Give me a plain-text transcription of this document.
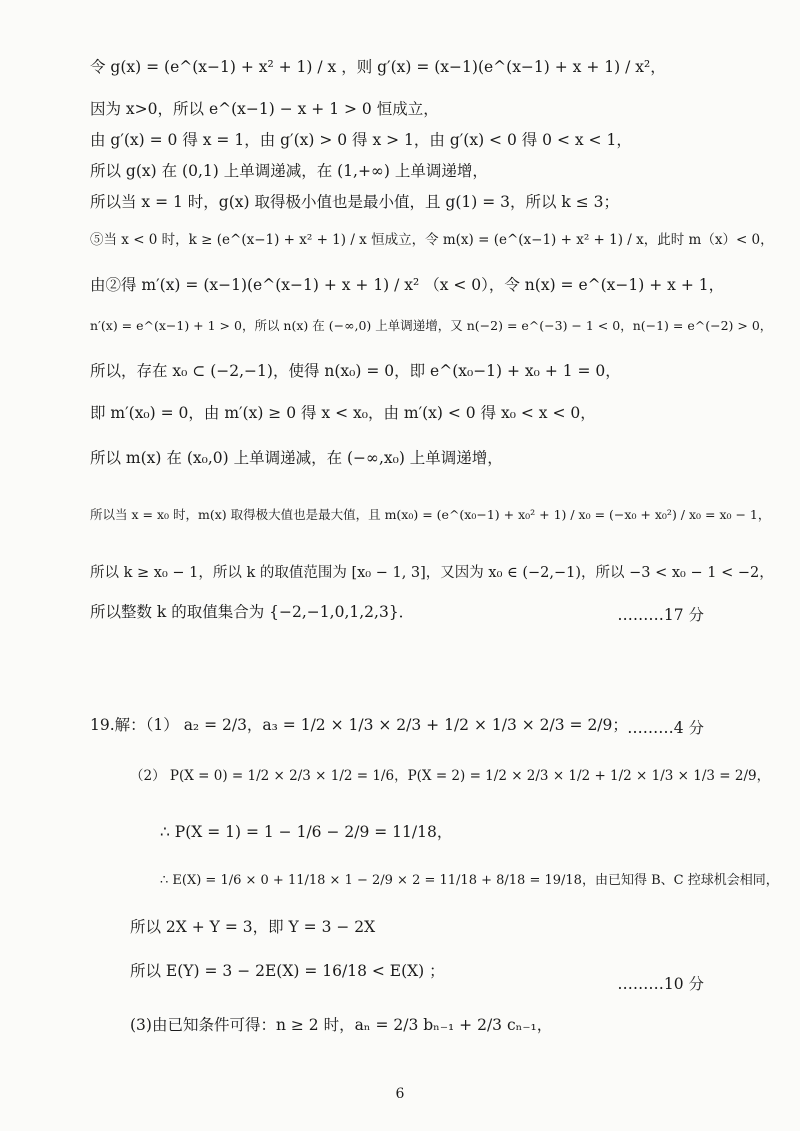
令 g(x) = (e^(x−1) + x² + 1) / x ，则 g′(x) = (x−1)(e^(x−1) + x + 1) / x²，
因为 x>0，所以 e^(x−1) − x + 1 > 0 恒成立，
由 g′(x) = 0 得 x = 1，由 g′(x) > 0 得 x > 1，由 g′(x) < 0 得 0 < x < 1，
所以 g(x) 在 (0,1) 上单调递减，在 (1,+∞) 上单调递增，
所以当 x = 1 时，g(x) 取得极小值也是最小值，且 g(1) = 3，所以 k ≤ 3；
⑤当 x < 0 时，k ≥ (e^(x−1) + x² + 1) / x 恒成立，令 m(x) = (e^(x−1) + x² + 1) / x，此时 m（x）< 0，
由②得 m′(x) = (x−1)(e^(x−1) + x + 1) / x² （x < 0），令 n(x) = e^(x−1) + x + 1，
n′(x) = e^(x−1) + 1 > 0，所以 n(x) 在 (−∞,0) 上单调递增，又 n(−2) = e^(−3) − 1 < 0，n(−1) = e^(−2) > 0，
所以，存在 x₀ ⊂ (−2,−1)，使得 n(x₀) = 0，即 e^(x₀−1) + x₀ + 1 = 0，
即 m′(x₀) = 0，由 m′(x) ≥ 0 得 x < x₀，由 m′(x) < 0 得 x₀ < x < 0，
所以 m(x) 在 (x₀,0) 上单调递减，在 (−∞,x₀) 上单调递增，
所以当 x = x₀ 时，m(x) 取得极大值也是最大值，且 m(x₀) = (e^(x₀−1) + x₀² + 1) / x₀ = (−x₀ + x₀²) / x₀ = x₀ − 1，
所以 k ≥ x₀ − 1，所以 k 的取值范围为 [x₀ − 1, 3]，又因为 x₀ ∈ (−2,−1)，所以 −3 < x₀ − 1 < −2，
所以整数 k 的取值集合为 {−2,−1,0,1,2,3}．	………17 分
19.解：（1） a₂ = 2/3，a₃ = 1/2 × 1/3 × 2/3 + 1/2 × 1/3 × 2/3 = 2/9； ………4 分
（2） P(X = 0) = 1/2 × 2/3 × 1/2 = 1/6，P(X = 2) = 1/2 × 2/3 × 1/2 + 1/2 × 1/3 × 1/3 = 2/9，
∴ P(X = 1) = 1 − 1/6 − 2/9 = 11/18，
∴ E(X) = 1/6 × 0 + 11/18 × 1 − 2/9 × 2 = 11/18 + 8/18 = 19/18，由已知得 B、C 控球机会相同，
所以 2X + Y = 3，即 Y = 3 − 2X
所以 E(Y) = 3 − 2E(X) = 16/18 < E(X) ；
………10 分
(3)由已知条件可得：n ≥ 2 时，aₙ = 2/3 bₙ₋₁ + 2/3 cₙ₋₁，
6
